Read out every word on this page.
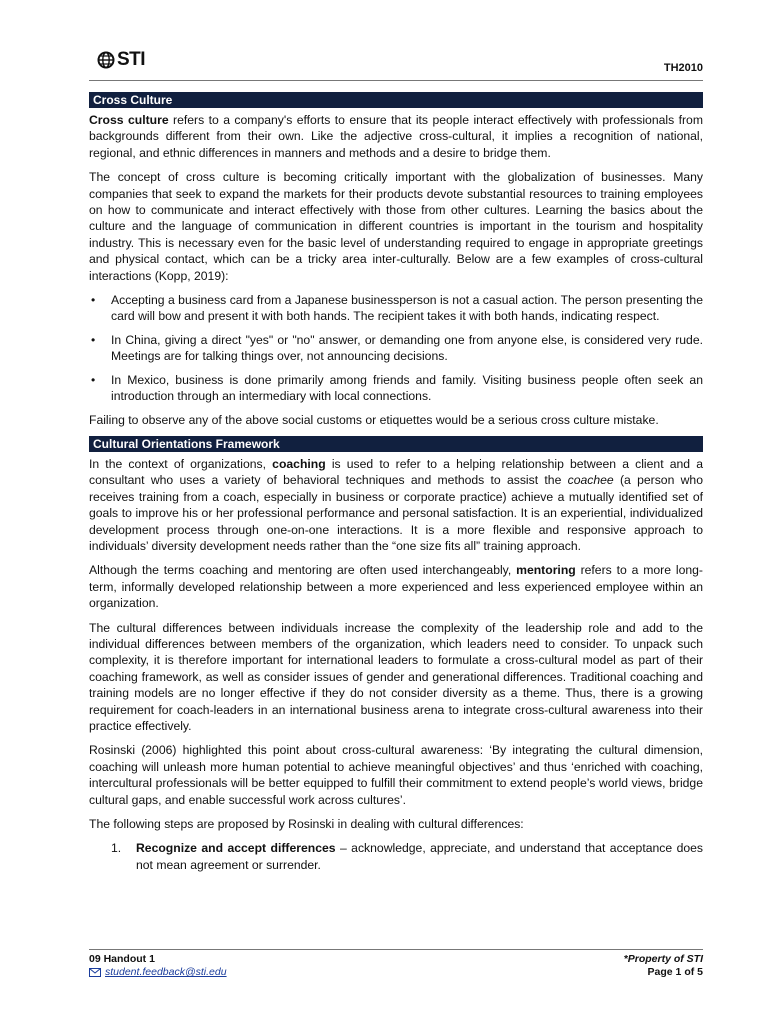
STI	TH2010
Cross Culture

Cross culture refers to a company's efforts to ensure that its people interact effectively with professionals from backgrounds different from their own. Like the adjective cross-cultural, it implies a recognition of national, regional, and ethnic differences in manners and methods and a desire to bridge them.

The concept of cross culture is becoming critically important with the globalization of businesses. Many companies that seek to expand the markets for their products devote substantial resources to training employees on how to communicate and interact effectively with those from other cultures. Learning the basics about the culture and the language of communication in different countries is important in the tourism and hospitality industry. This is necessary even for the basic level of understanding required to engage in appropriate greetings and physical contact, which can be a tricky area inter-culturally. Below are a few examples of cross-cultural interactions (Kopp, 2019):

• Accepting a business card from a Japanese businessperson is not a casual action. The person presenting the card will bow and present it with both hands. The recipient takes it with both hands, indicating respect.
• In China, giving a direct "yes" or "no" answer, or demanding one from anyone else, is considered very rude. Meetings are for talking things over, not announcing decisions.
• In Mexico, business is done primarily among friends and family. Visiting business people often seek an introduction through an intermediary with local connections.

Failing to observe any of the above social customs or etiquettes would be a serious cross culture mistake.

Cultural Orientations Framework

In the context of organizations, coaching is used to refer to a helping relationship between a client and a consultant who uses a variety of behavioral techniques and methods to assist the coachee (a person who receives training from a coach, especially in business or corporate practice) achieve a mutually identified set of goals to improve his or her professional performance and personal satisfaction. It is an experiential, individualized development process through one-on-one interactions. It is a more flexible and responsive approach to individuals’ diversity development needs rather than the “one size fits all” training approach.

Although the terms coaching and mentoring are often used interchangeably, mentoring refers to a more long-term, informally developed relationship between a more experienced and less experienced employee within an organization.

The cultural differences between individuals increase the complexity of the leadership role and add to the individual differences between members of the organization, which leaders need to consider. To unpack such complexity, it is therefore important for international leaders to formulate a cross-cultural model as part of their coaching framework, as well as consider issues of gender and generational differences. Traditional coaching and training models are no longer effective if they do not consider diversity as a theme. Thus, there is a growing requirement for coach-leaders in an international business arena to integrate cross-cultural awareness into their practice effectively.

Rosinski (2006) highlighted this point about cross-cultural awareness: ‘By integrating the cultural dimension, coaching will unleash more human potential to achieve meaningful objectives’ and thus ‘enriched with coaching, intercultural professionals will be better equipped to fulfill their commitment to extend people’s world views, bridge cultural gaps, and enable successful work across cultures’.

The following steps are proposed by Rosinski in dealing with cultural differences:

1. Recognize and accept differences – acknowledge, appreciate, and understand that acceptance does not mean agreement or surrender.
09 Handout 1
student.feedback@sti.edu
*Property of STI
Page 1 of 5
